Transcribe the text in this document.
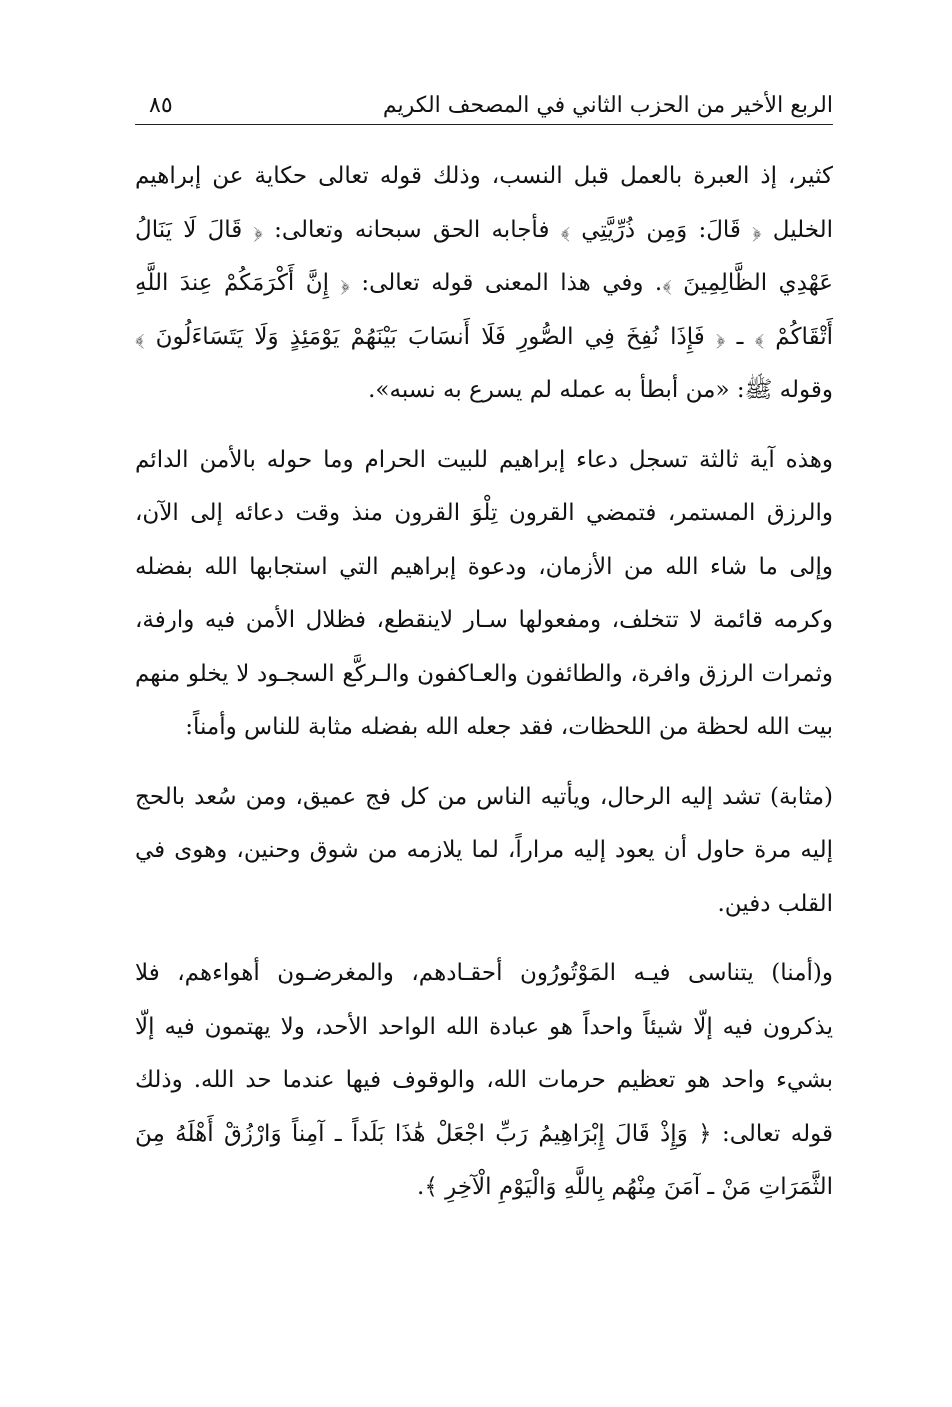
الربع الأخير من الحزب الثاني في المصحف الكريم
٨٥

كثير، إذ العبرة بالعمل قبل النسب، وذلك قوله تعالى حكاية عن إبراهيم الخليل ﴿ قَالَ: وَمِن ذُرِّيَّتِي ﴾ فأجابه الحق سبحانه وتعالى: ﴿ قَالَ لَا يَنَالُ عَهْدِي الظَّالِمِينَ ﴾. وفي هذا المعنى قوله تعالى: ﴿ إِنَّ أَكْرَمَكُمْ عِندَ اللَّهِ أَتْقَاكُمْ ﴾ ـ ﴿ فَإِذَا نُفِخَ فِي الصُّورِ فَلَا أَنسَابَ بَيْنَهُمْ يَوْمَئِذٍ وَلَا يَتَسَاءَلُونَ ﴾ وقوله ﷺ: «من أبطأ به عمله لم يسرع به نسبه».

وهذه آية ثالثة تسجل دعاء إبراهيم للبيت الحرام وما حوله بالأمن الدائم والرزق المستمر، فتمضي القرون تِلْوَ القرون منذ وقت دعائه إلى الآن، وإلى ما شاء الله من الأزمان، ودعوة إبراهيم التي استجابها الله بفضله وكرمه قائمة لا تتخلف، ومفعولها سـار لاينقطع، فظلال الأمن فيه وارفة، وثمرات الرزق وافرة، والطائفون والعـاكفون والـركَّع السجـود لا يخلو منهم بيت الله لحظة من اللحظات، فقد جعله الله بفضله مثابة للناس وأمناً:

(مثابة) تشد إليه الرحال، ويأتيه الناس من كل فج عميق، ومن سُعد بالحج إليه مرة حاول أن يعود إليه مراراً، لما يلازمه من شوق وحنين، وهوى في القلب دفين.

و(أمنا) يتناسى فيـه المَوْتُورُون أحقـادهم، والمغرضـون أهواءهم، فلا يذكرون فيه إلّا شيئاً واحداً هو عبادة الله الواحد الأحد، ولا يهتمون فيه إلّا بشيء واحد هو تعظيم حرمات الله، والوقوف فيها عندما حد الله. وذلك قوله تعالى: ﴿ وَإِذْ قَالَ إِبْرَاهِيمُ رَبِّ اجْعَلْ هَٰذَا بَلَداً ـ آمِناً وَارْزُقْ أَهْلَهُ مِنَ الثَّمَرَاتِ مَنْ ـ آمَنَ مِنْهُم بِاللَّهِ وَالْيَوْمِ الْآخِرِ ﴾.
